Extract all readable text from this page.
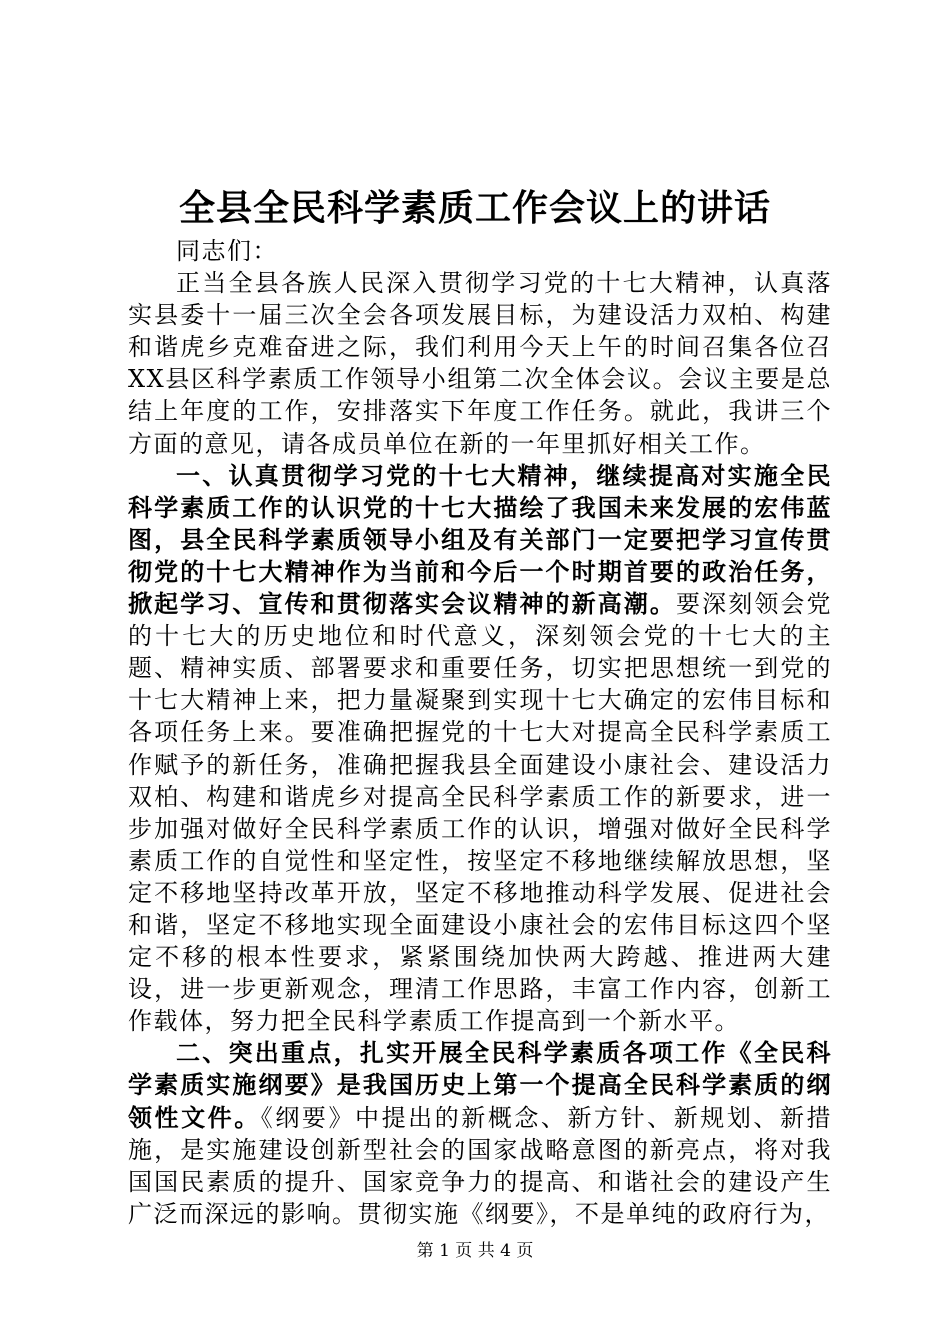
全县全民科学素质工作会议上的讲话

同志们：

正当全县各族人民深入贯彻学习党的十七大精神，认真落实县委十一届三次全会各项发展目标，为建设活力双柏、构建和谐虎乡克难奋进之际，我们利用今天上午的时间召集各位召XX县区科学素质工作领导小组第二次全体会议。会议主要是总结上年度的工作，安排落实下年度工作任务。就此，我讲三个方面的意见，请各成员单位在新的一年里抓好相关工作。

一、认真贯彻学习党的十七大精神，继续提高对实施全民科学素质工作的认识党的十七大描绘了我国未来发展的宏伟蓝图，县全民科学素质领导小组及有关部门一定要把学习宣传贯彻党的十七大精神作为当前和今后一个时期首要的政治任务，掀起学习、宣传和贯彻落实会议精神的新高潮。要深刻领会党的十七大的历史地位和时代意义，深刻领会党的十七大的主题、精神实质、部署要求和重要任务，切实把思想统一到党的十七大精神上来，把力量凝聚到实现十七大确定的宏伟目标和各项任务上来。要准确把握党的十七大对提高全民科学素质工作赋予的新任务，准确把握我县全面建设小康社会、建设活力双柏、构建和谐虎乡对提高全民科学素质工作的新要求，进一步加强对做好全民科学素质工作的认识，增强对做好全民科学素质工作的自觉性和坚定性，按坚定不移地继续解放思想，坚定不移地坚持改革开放，坚定不移地推动科学发展、促进社会和谐，坚定不移地实现全面建设小康社会的宏伟目标这四个坚定不移的根本性要求，紧紧围绕加快两大跨越、推进两大建设，进一步更新观念，理清工作思路，丰富工作内容，创新工作载体，努力把全民科学素质工作提高到一个新水平。

二、突出重点，扎实开展全民科学素质各项工作《全民科学素质实施纲要》是我国历史上第一个提高全民科学素质的纲领性文件。《纲要》中提出的新概念、新方针、新规划、新措施，是实施建设创新型社会的国家战略意图的新亮点，将对我国国民素质的提升、国家竞争力的提高、和谐社会的建设产生广泛而深远的影响。贯彻实施《纲要》，不是单纯的政府行为，

第 1 页 共 4 页
